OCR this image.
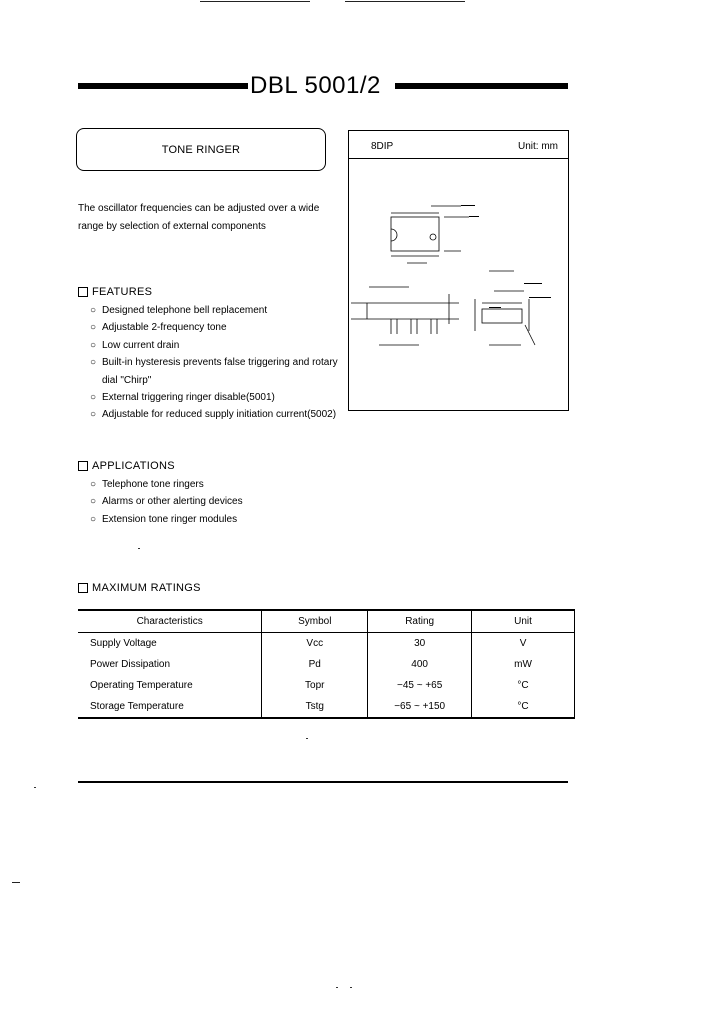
DBL 5001/2
TONE RINGER	8DIP	Unit: mm
The oscillator frequencies can be adjusted over a wide range by selection of external components
FEATURES
○ Designed telephone bell replacement
○ Adjustable 2-frequency tone
○ Low current drain
○ Built-in hysteresis prevents false triggering and rotary dial "Chirp"
○ External triggering ringer disable(5001)
○ Adjustable for reduced supply initiation current(5002)
APPLICATIONS
○ Telephone tone ringers
○ Alarms or other alerting devices
○ Extension tone ringer modules
MAXIMUM RATINGS
Characteristics	Symbol	Rating	Unit
Supply Voltage	Vcc	30	V
Power Dissipation	Pd	400	mW
Operating Temperature	Topr	−45 ~ +65	°C
Storage Temperature	Tstg	−65 ~ +150	°C
